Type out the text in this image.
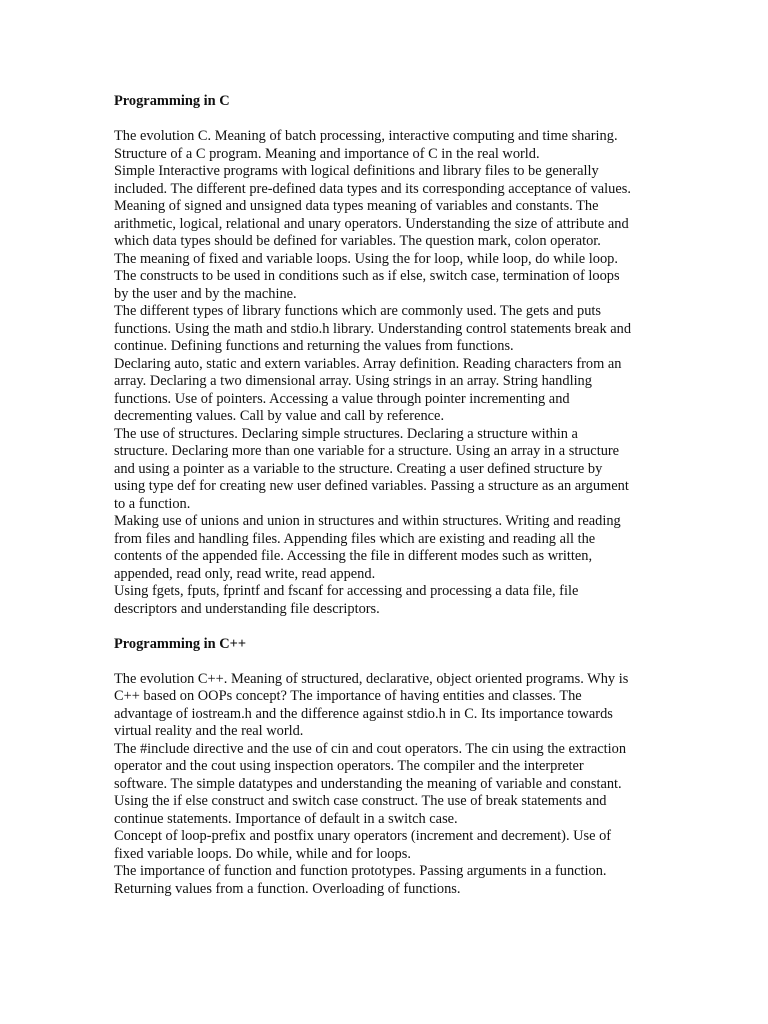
Programming in C
The evolution C. Meaning of batch processing, interactive computing and time sharing.
Structure of a C program. Meaning and importance of C in the real world.
Simple Interactive programs with logical definitions and library files to be generally
included. The different pre-defined data types and its corresponding acceptance of values.
Meaning of signed and unsigned data types meaning of variables and constants. The
arithmetic, logical, relational and unary operators. Understanding the size of attribute and
which data types should be defined for variables. The question mark, colon operator.
The meaning of fixed and variable loops. Using the for loop, while loop, do while loop.
The constructs to be used in conditions such as if else, switch case, termination of loops
by the user and by the machine.
The different types of library functions which are commonly used. The gets and puts
functions. Using the math and stdio.h library. Understanding control statements break and
continue. Defining functions and returning the values from functions.
Declaring auto, static and extern variables. Array definition. Reading characters from an
array. Declaring a two dimensional array. Using strings in an array. String handling
functions. Use of pointers. Accessing a value through pointer incrementing and
decrementing values. Call by value and call by reference.
The use of structures. Declaring simple structures. Declaring a structure within a
structure. Declaring more than one variable for a structure. Using an array in a structure
and using a pointer as a variable to the structure. Creating a user defined structure by
using type def for creating new user defined variables. Passing a structure as an argument
to a function.
Making use of unions and union in structures and within structures. Writing and reading
from files and handling files. Appending files which are existing and reading all the
contents of the appended file. Accessing the file in different modes such as written,
appended, read only, read write, read append.
Using fgets, fputs, fprintf and fscanf for accessing and processing a data file, file
descriptors and understanding file descriptors.
Programming in C++
The evolution C++. Meaning of structured, declarative, object oriented programs. Why is
C++ based on OOPs concept? The importance of having entities and classes. The
advantage of iostream.h and the difference against stdio.h in C. Its importance towards
virtual reality and the real world.
The #include directive and the use of cin and cout operators. The cin using the extraction
operator and the cout using inspection operators. The compiler and the interpreter
software. The simple datatypes and understanding the meaning of variable and constant.
Using the if else construct and switch case construct. The use of break statements and
continue statements. Importance of default in a switch case.
Concept of loop-prefix and postfix unary operators (increment and decrement). Use of
fixed variable loops. Do while, while and for loops.
The importance of function and function prototypes. Passing arguments in a function.
Returning values from a function. Overloading of functions.
